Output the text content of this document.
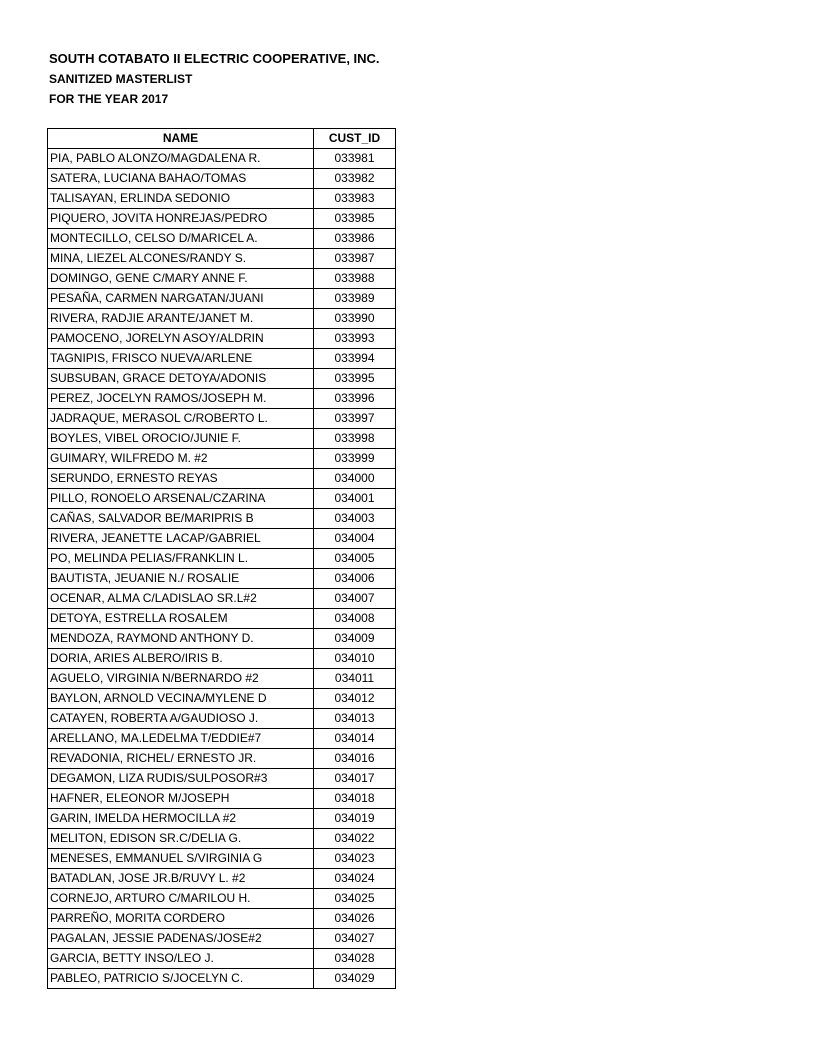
SOUTH COTABATO II ELECTRIC COOPERATIVE, INC.
SANITIZED MASTERLIST
FOR THE YEAR 2017
NAME	CUST_ID
PIA, PABLO ALONZO/MAGDALENA R.	033981
SATERA, LUCIANA BAHAO/TOMAS	033982
TALISAYAN, ERLINDA SEDONIO	033983
PIQUERO, JOVITA HONREJAS/PEDRO	033985
MONTECILLO, CELSO D/MARICEL A.	033986
MINA, LIEZEL ALCONES/RANDY S.	033987
DOMINGO, GENE C/MARY ANNE F.	033988
PESAÑA, CARMEN NARGATAN/JUANI	033989
RIVERA, RADJIE ARANTE/JANET M.	033990
PAMOCENO, JORELYN ASOY/ALDRIN	033993
TAGNIPIS, FRISCO NUEVA/ARLENE	033994
SUBSUBAN, GRACE DETOYA/ADONIS	033995
PEREZ, JOCELYN RAMOS/JOSEPH M.	033996
JADRAQUE, MERASOL C/ROBERTO L.	033997
BOYLES, VIBEL OROCIO/JUNIE F.	033998
GUIMARY, WILFREDO M. #2	033999
SERUNDO, ERNESTO REYAS	034000
PILLO, RONOELO ARSENAL/CZARINA	034001
CAÑAS, SALVADOR BE/MARIPRIS B	034003
RIVERA, JEANETTE LACAP/GABRIEL	034004
PO, MELINDA PELIAS/FRANKLIN L.	034005
BAUTISTA, JEUANIE N./ ROSALIE	034006
OCENAR, ALMA C/LADISLAO SR.L#2	034007
DETOYA, ESTRELLA ROSALEM	034008
MENDOZA, RAYMOND ANTHONY D.	034009
DORIA, ARIES ALBERO/IRIS B.	034010
AGUELO, VIRGINIA N/BERNARDO #2	034011
BAYLON, ARNOLD VECINA/MYLENE D	034012
CATAYEN, ROBERTA A/GAUDIOSO J.	034013
ARELLANO, MA.LEDELMA T/EDDIE#7	034014
REVADONIA, RICHEL/ ERNESTO JR.	034016
DEGAMON, LIZA RUDIS/SULPOSOR#3	034017
HAFNER, ELEONOR M/JOSEPH	034018
GARIN, IMELDA HERMOCILLA #2	034019
MELITON, EDISON SR.C/DELIA G.	034022
MENESES, EMMANUEL S/VIRGINIA G	034023
BATADLAN, JOSE JR.B/RUVY L. #2	034024
CORNEJO, ARTURO C/MARILOU H.	034025
PARREÑO, MORITA CORDERO	034026
PAGALAN, JESSIE PADENAS/JOSE#2	034027
GARCIA, BETTY INSO/LEO J.	034028
PABLEO, PATRICIO S/JOCELYN C.	034029
